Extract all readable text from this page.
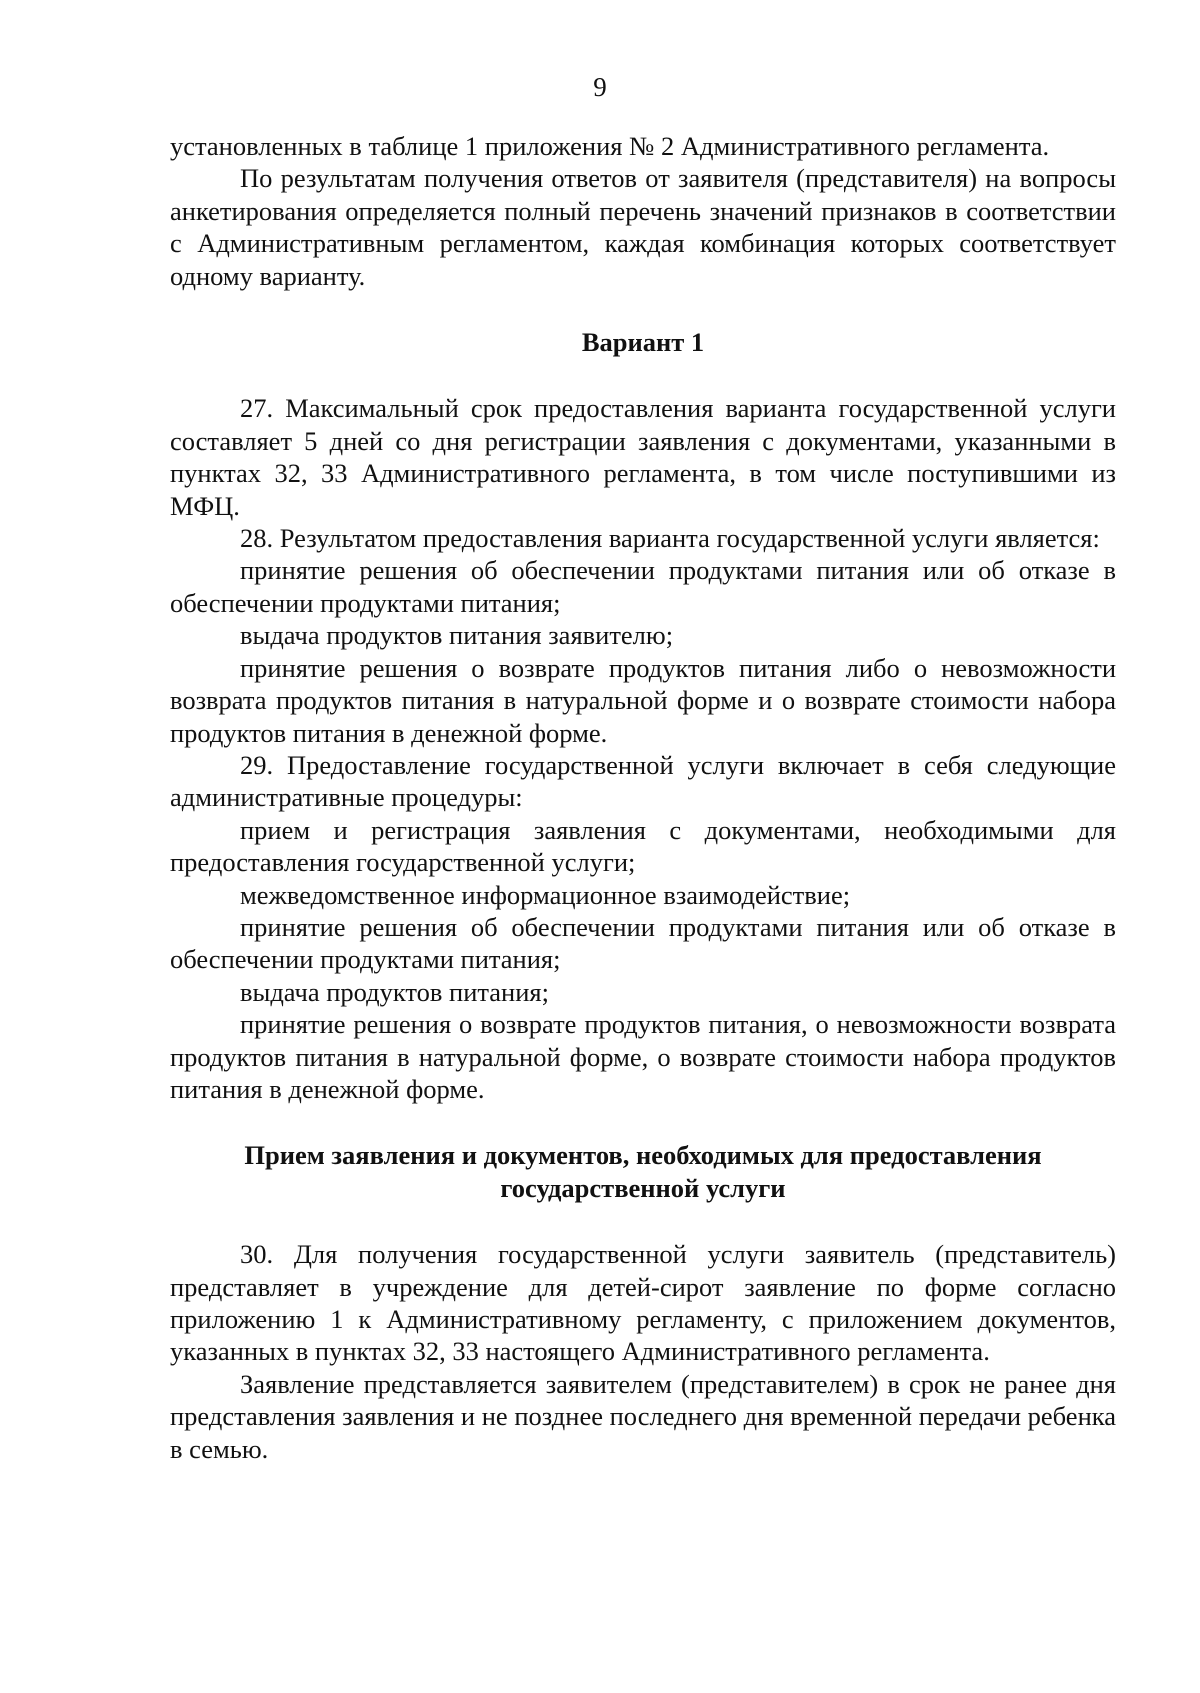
9

установленных в таблице 1 приложения № 2 Административного регламента.

По результатам получения ответов от заявителя (представителя) на вопросы анкетирования определяется полный перечень значений признаков в соответствии с Административным регламентом, каждая комбинация которых соответствует одному варианту.

Вариант 1

27. Максимальный срок предоставления варианта государственной услуги составляет 5 дней со дня регистрации заявления с документами, указанными в пунктах 32, 33 Административного регламента, в том числе поступившими из МФЦ.

28. Результатом предоставления варианта государственной услуги является:

принятие решения об обеспечении продуктами питания или об отказе в обеспечении продуктами питания;

выдача продуктов питания заявителю;

принятие решения о возврате продуктов питания либо о невозможности возврата продуктов питания в натуральной форме и о возврате стоимости набора продуктов питания в денежной форме.

29. Предоставление государственной услуги включает в себя следующие административные процедуры:

прием и регистрация заявления с документами, необходимыми для предоставления государственной услуги;

межведомственное информационное взаимодействие;

принятие решения об обеспечении продуктами питания или об отказе в обеспечении продуктами питания;

выдача продуктов питания;

принятие решения о возврате продуктов питания, о невозможности возврата продуктов питания в натуральной форме, о возврате стоимости набора продуктов питания в денежной форме.

Прием заявления и документов, необходимых для предоставления
государственной услуги

30. Для получения государственной услуги заявитель (представитель) представляет в учреждение для детей-сирот заявление по форме согласно приложению 1 к Административному регламенту, с приложением документов, указанных в пунктах 32, 33 настоящего Административного регламента.

Заявление представляется заявителем (представителем) в срок не ранее дня представления заявления и не позднее последнего дня временной передачи ребенка в семью.
